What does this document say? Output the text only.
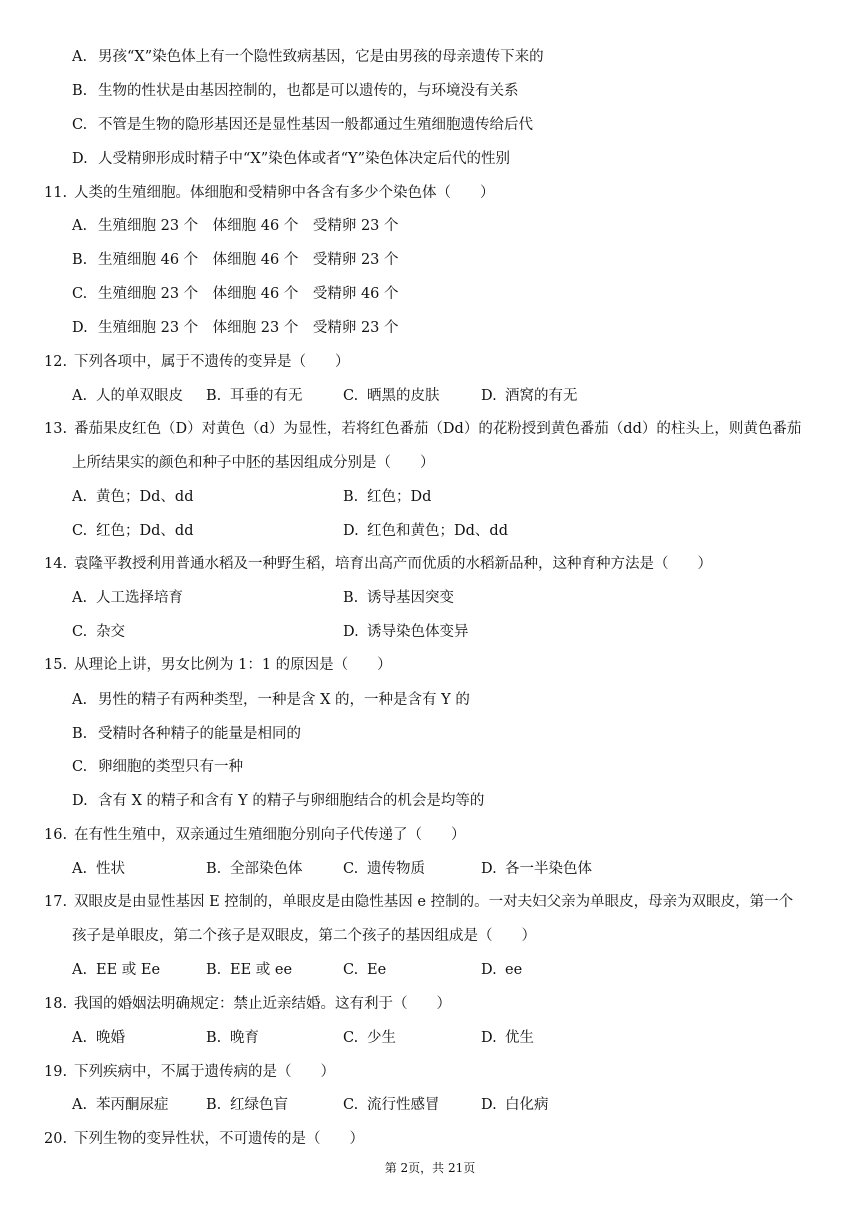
A. 男孩“X”染色体上有一个隐性致病基因，它是由男孩的母亲遗传下来的
B. 生物的性状是由基因控制的，也都是可以遗传的，与环境没有关系
C. 不管是生物的隐形基因还是显性基因一般都通过生殖细胞遗传给后代
D. 人受精卵形成时精子中“X”染色体或者“Y”染色体决定后代的性别
11. 人类的生殖细胞。体细胞和受精卵中各含有多少个染色体（　　）
A. 生殖细胞 23 个　体细胞 46 个　受精卵 23 个
B. 生殖细胞 46 个　体细胞 46 个　受精卵 23 个
C. 生殖细胞 23 个　体细胞 46 个　受精卵 46 个
D. 生殖细胞 23 个　体细胞 23 个　受精卵 23 个
12. 下列各项中，属于不遗传的变异是（　　）
A. 人的单双眼皮 B. 耳垂的有无	C. 晒黑的皮肤	D. 酒窝的有无
13. 番茄果皮红色（D）对黄色（d）为显性，若将红色番茄（Dd）的花粉授到黄色番茄（dd）的柱头上，则黄色番茄
上所结果实的颜色和种子中胚的基因组成分别是（　　）
A. 黄色；Dd、dd	B. 红色；Dd
C. 红色；Dd、dd	D. 红色和黄色；Dd、dd
14. 袁隆平教授利用普通水稻及一种野生稻，培育出高产而优质的水稻新品种，这种育种方法是（　　）
A. 人工选择培育	B. 诱导基因突变
C. 杂交	D. 诱导染色体变异
15. 从理论上讲，男女比例为 1：1 的原因是（　　）
A. 男性的精子有两种类型，一种是含 X 的，一种是含有 Y 的
B. 受精时各种精子的能量是相同的
C. 卵细胞的类型只有一种
D. 含有 X 的精子和含有 Y 的精子与卵细胞结合的机会是均等的
16. 在有性生殖中，双亲通过生殖细胞分别向子代传递了（　　）
A. 性状	B. 全部染色体	C. 遗传物质	D. 各一半染色体
17. 双眼皮是由显性基因 E 控制的，单眼皮是由隐性基因 e 控制的。一对夫妇父亲为单眼皮，母亲为双眼皮，第一个
孩子是单眼皮，第二个孩子是双眼皮，第二个孩子的基因组成是（　　）
A. EE 或 Ee	B. EE 或 ee	C. Ee	D. ee
18. 我国的婚姻法明确规定：禁止近亲结婚。这有利于（　　）
A. 晚婚	B. 晚育	C. 少生	D. 优生
19. 下列疾病中，不属于遗传病的是（　　）
A. 苯丙酮尿症	B. 红绿色盲	C. 流行性感冒	D. 白化病
20. 下列生物的变异性状，不可遗传的是（　　）
第 2页，共 21页
